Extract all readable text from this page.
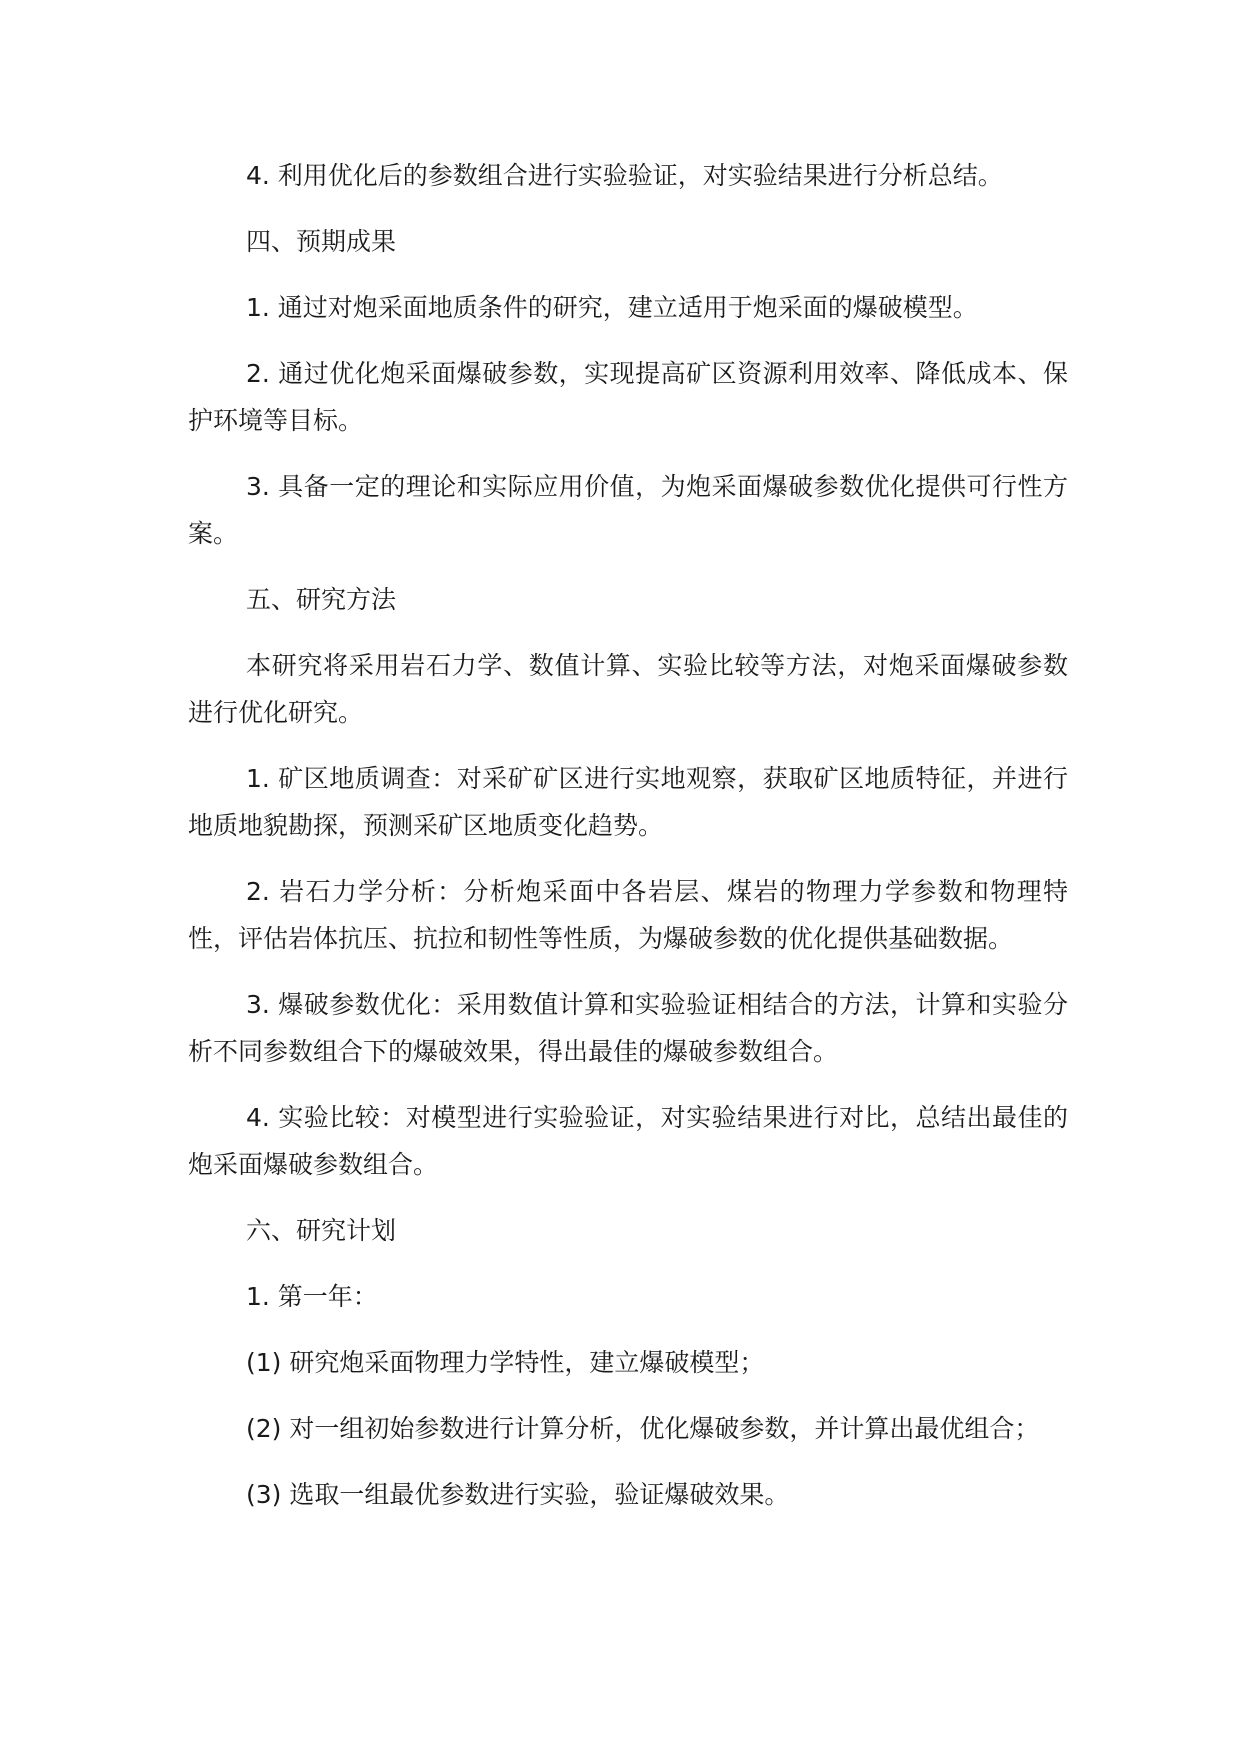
4. 利用优化后的参数组合进行实验验证，对实验结果进行分析总结。

四、预期成果

1. 通过对炮采面地质条件的研究，建立适用于炮采面的爆破模型。

2. 通过优化炮采面爆破参数，实现提高矿区资源利用效率、降低成本、保护环境等目标。

3. 具备一定的理论和实际应用价值，为炮采面爆破参数优化提供可行性方案。

五、研究方法

本研究将采用岩石力学、数值计算、实验比较等方法，对炮采面爆破参数进行优化研究。

1. 矿区地质调查：对采矿矿区进行实地观察，获取矿区地质特征，并进行地质地貌勘探，预测采矿区地质变化趋势。

2. 岩石力学分析：分析炮采面中各岩层、煤岩的物理力学参数和物理特性，评估岩体抗压、抗拉和韧性等性质，为爆破参数的优化提供基础数据。

3. 爆破参数优化：采用数值计算和实验验证相结合的方法，计算和实验分析不同参数组合下的爆破效果，得出最佳的爆破参数组合。

4. 实验比较：对模型进行实验验证，对实验结果进行对比，总结出最佳的炮采面爆破参数组合。

六、研究计划

1. 第一年：

(1) 研究炮采面物理力学特性，建立爆破模型；

(2) 对一组初始参数进行计算分析，优化爆破参数，并计算出最优组合；

(3) 选取一组最优参数进行实验，验证爆破效果。
